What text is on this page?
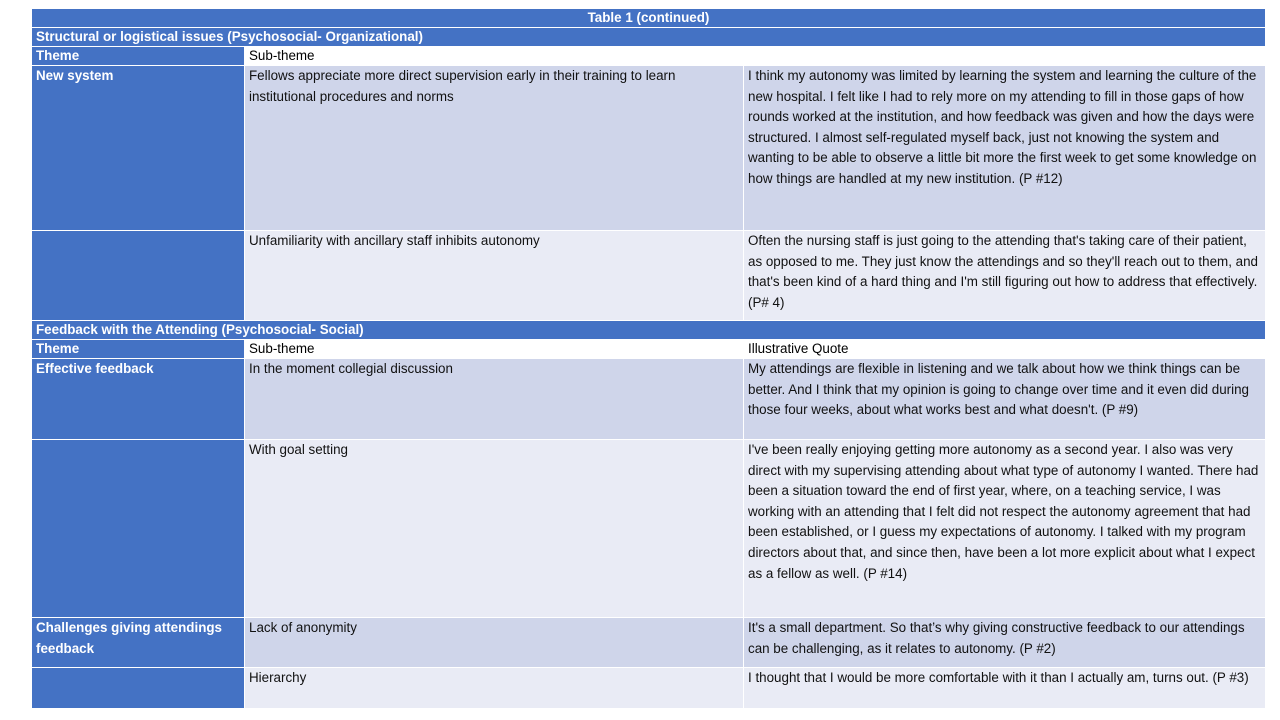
Table 1 (continued)		
Structural or logistical issues (Psychosocial- Organizational)		
Theme	Sub-theme	
New system	Fellows appreciate more direct supervision early in their training to learn institutional procedures and norms	I think my autonomy was limited by learning the system and learning the culture of the new hospital. I felt like I had to rely more on my attending to fill in those gaps of how rounds worked at the institution, and how feedback was given and how the days were structured. I almost self-regulated myself back, just not knowing the system and wanting to be able to observe a little bit more the first week to get some knowledge on how things are handled at my new institution. (P #12)
	Unfamiliarity with ancillary staff inhibits autonomy	Often the nursing staff is just going to the attending that's taking care of their patient, as opposed to me. They just know the attendings and so they'll reach out to them, and that's been kind of a hard thing and I'm still figuring out how to address that effectively. (P# 4)
Feedback with the Attending (Psychosocial- Social)		
Theme	Sub-theme	Illustrative Quote
Effective feedback	In the moment collegial discussion	My attendings are flexible in listening and we talk about how we think things can be better. And I think that my opinion is going to change over time and it even did during those four weeks, about what works best and what doesn't. (P #9)
	With goal setting	I've been really enjoying getting more autonomy as a second year. I also was very direct with my supervising attending about what type of autonomy I wanted. There had been a situation toward the end of first year, where, on a teaching service, I was working with an attending that I felt did not respect the autonomy agreement that had been established, or I guess my expectations of autonomy. I talked with my program directors about that, and since then, have been a lot more explicit about what I expect as a fellow as well. (P #14)
Challenges giving attendings feedback	Lack of anonymity	It's a small department. So that’s why giving constructive feedback to our attendings can be challenging, as it relates to autonomy. (P #2)
	Hierarchy	I thought that I would be more comfortable with it than I actually am, turns out. (P #3)
